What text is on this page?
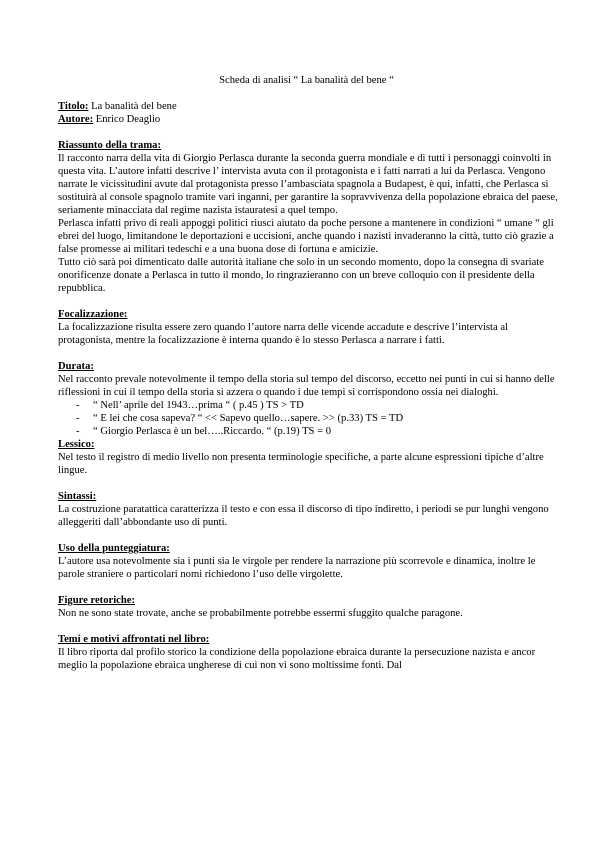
Scheda di analisi “ La banalità del bene “

Titolo: La banalità del bene

Autore: Enrico Deaglio

Riassunto della trama:

Il racconto narra della vita di Giorgio Perlasca durante la seconda guerra mondiale e di tutti i personaggi coinvolti in questa vita. L’autore infatti descrive l’ intervista avuta con il protagonista e i fatti narrati a lui da Perlasca. Vengono narrate le vicissitudini avute dal protagonista presso l’ambasciata spagnola a Budapest, è qui, infatti, che Perlasca si sostituirà al console spagnolo tramite vari inganni, per garantire la sopravvivenza della popolazione ebraica del paese, seriamente minacciata dal regime nazista istauratesi a quel tempo.

Perlasca infatti privo di reali appoggi politici riuscì aiutato da poche persone a mantenere in condizioni “ umane “ gli ebrei del luogo, limitandone le deportazioni e uccisioni, anche quando i nazisti invaderanno la città, tutto ciò grazie a false promesse ai militari tedeschi e a una buona dose di fortuna e amicizie.

Tutto ciò sarà poi dimenticato dalle autorità italiane che solo in un secondo momento, dopo la consegna di svariate onorificenze donate a Perlasca in tutto il mondo, lo ringrazieranno con un breve colloquio con il presidente della repubblica.

Focalizzazione:

La focalizzazione risulta essere zero quando l’autore narra delle vicende accadute e descrive l’intervista al protagonista, mentre la focalizzazione è interna quando è lo stesso Perlasca a narrare i fatti.

Durata:

Nel racconto prevale notevolmente il tempo della storia sul tempo del discorso, eccetto nei punti in cui si hanno delle riflessioni in cui il tempo della storia si azzera o quando i due tempi si corrispondono ossia nei dialoghi.

- “ Nell’ aprile del 1943…prima “ ( p.45 ) TS > TD
- “ E lei che cosa sapeva? “ << Sapevo quello…sapere. >> (p.33) TS = TD
- “ Giorgio Perlasca è un bel…..Riccardo. “ (p.19) TS = 0

Lessico:

Nel testo il registro di medio livello non presenta terminologie specifiche, a parte alcune espressioni tipiche d’altre lingue.

Sintassi:

La costruzione paratattica caratterizza il testo e con essa il discorso di tipo indiretto, i periodi se pur lunghi vengono alleggeriti dall’abbondante uso di punti.

Uso della punteggiatura:

L’autore usa notevolmente sia i punti sia le virgole per rendere la narrazione più scorrevole e dinamica, inoltre le parole straniere o particolari nomi richiedono l’uso delle virgolette.

Figure retoriche:

Non ne sono state trovate, anche se probabilmente potrebbe essermi sfuggito qualche paragone.

Temi e motivi affrontati nel libro:

Il libro riporta dal profilo storico la condizione della popolazione ebraica durante la persecuzione nazista e ancor meglio la popolazione ebraica ungherese di cui non vi sono moltissime fonti. Dal
